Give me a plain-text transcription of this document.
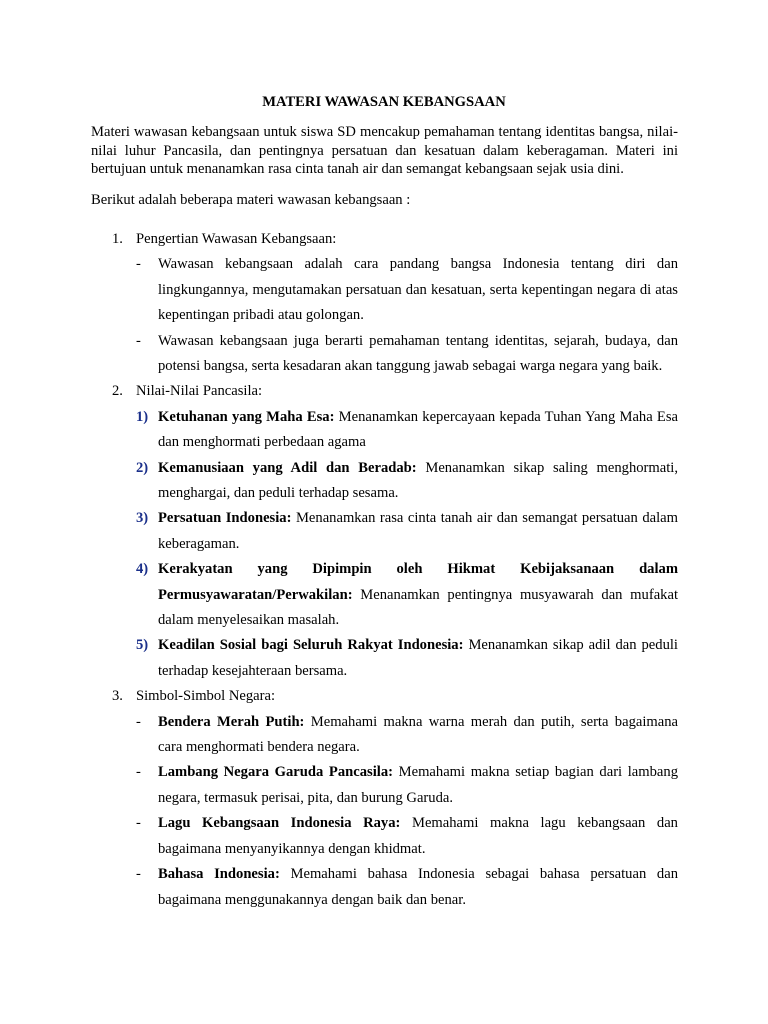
MATERI WAWASAN KEBANGSAAN

Materi wawasan kebangsaan untuk siswa SD mencakup pemahaman tentang identitas bangsa, nilai-nilai luhur Pancasila, dan pentingnya persatuan dan kesatuan dalam keberagaman. Materi ini bertujuan untuk menanamkan rasa cinta tanah air dan semangat kebangsaan sejak usia dini.

Berikut adalah beberapa materi wawasan kebangsaan :

1. Pengertian Wawasan Kebangsaan:
- Wawasan kebangsaan adalah cara pandang bangsa Indonesia tentang diri dan lingkungannya, mengutamakan persatuan dan kesatuan, serta kepentingan negara di atas kepentingan pribadi atau golongan.
- Wawasan kebangsaan juga berarti pemahaman tentang identitas, sejarah, budaya, dan potensi bangsa, serta kesadaran akan tanggung jawab sebagai warga negara yang baik.
2. Nilai-Nilai Pancasila:
1) Ketuhanan yang Maha Esa: Menanamkan kepercayaan kepada Tuhan Yang Maha Esa dan menghormati perbedaan agama
2) Kemanusiaan yang Adil dan Beradab: Menanamkan sikap saling menghormati, menghargai, dan peduli terhadap sesama.
3) Persatuan Indonesia: Menanamkan rasa cinta tanah air dan semangat persatuan dalam keberagaman.
4) Kerakyatan yang Dipimpin oleh Hikmat Kebijaksanaan dalam Permusyawaratan/Perwakilan: Menanamkan pentingnya musyawarah dan mufakat dalam menyelesaikan masalah.
5) Keadilan Sosial bagi Seluruh Rakyat Indonesia: Menanamkan sikap adil dan peduli terhadap kesejahteraan bersama.
3. Simbol-Simbol Negara:
- Bendera Merah Putih: Memahami makna warna merah dan putih, serta bagaimana cara menghormati bendera negara.
- Lambang Negara Garuda Pancasila: Memahami makna setiap bagian dari lambang negara, termasuk perisai, pita, dan burung Garuda.
- Lagu Kebangsaan Indonesia Raya: Memahami makna lagu kebangsaan dan bagaimana menyanyikannya dengan khidmat.
- Bahasa Indonesia: Memahami bahasa Indonesia sebagai bahasa persatuan dan bagaimana menggunakannya dengan baik dan benar.
